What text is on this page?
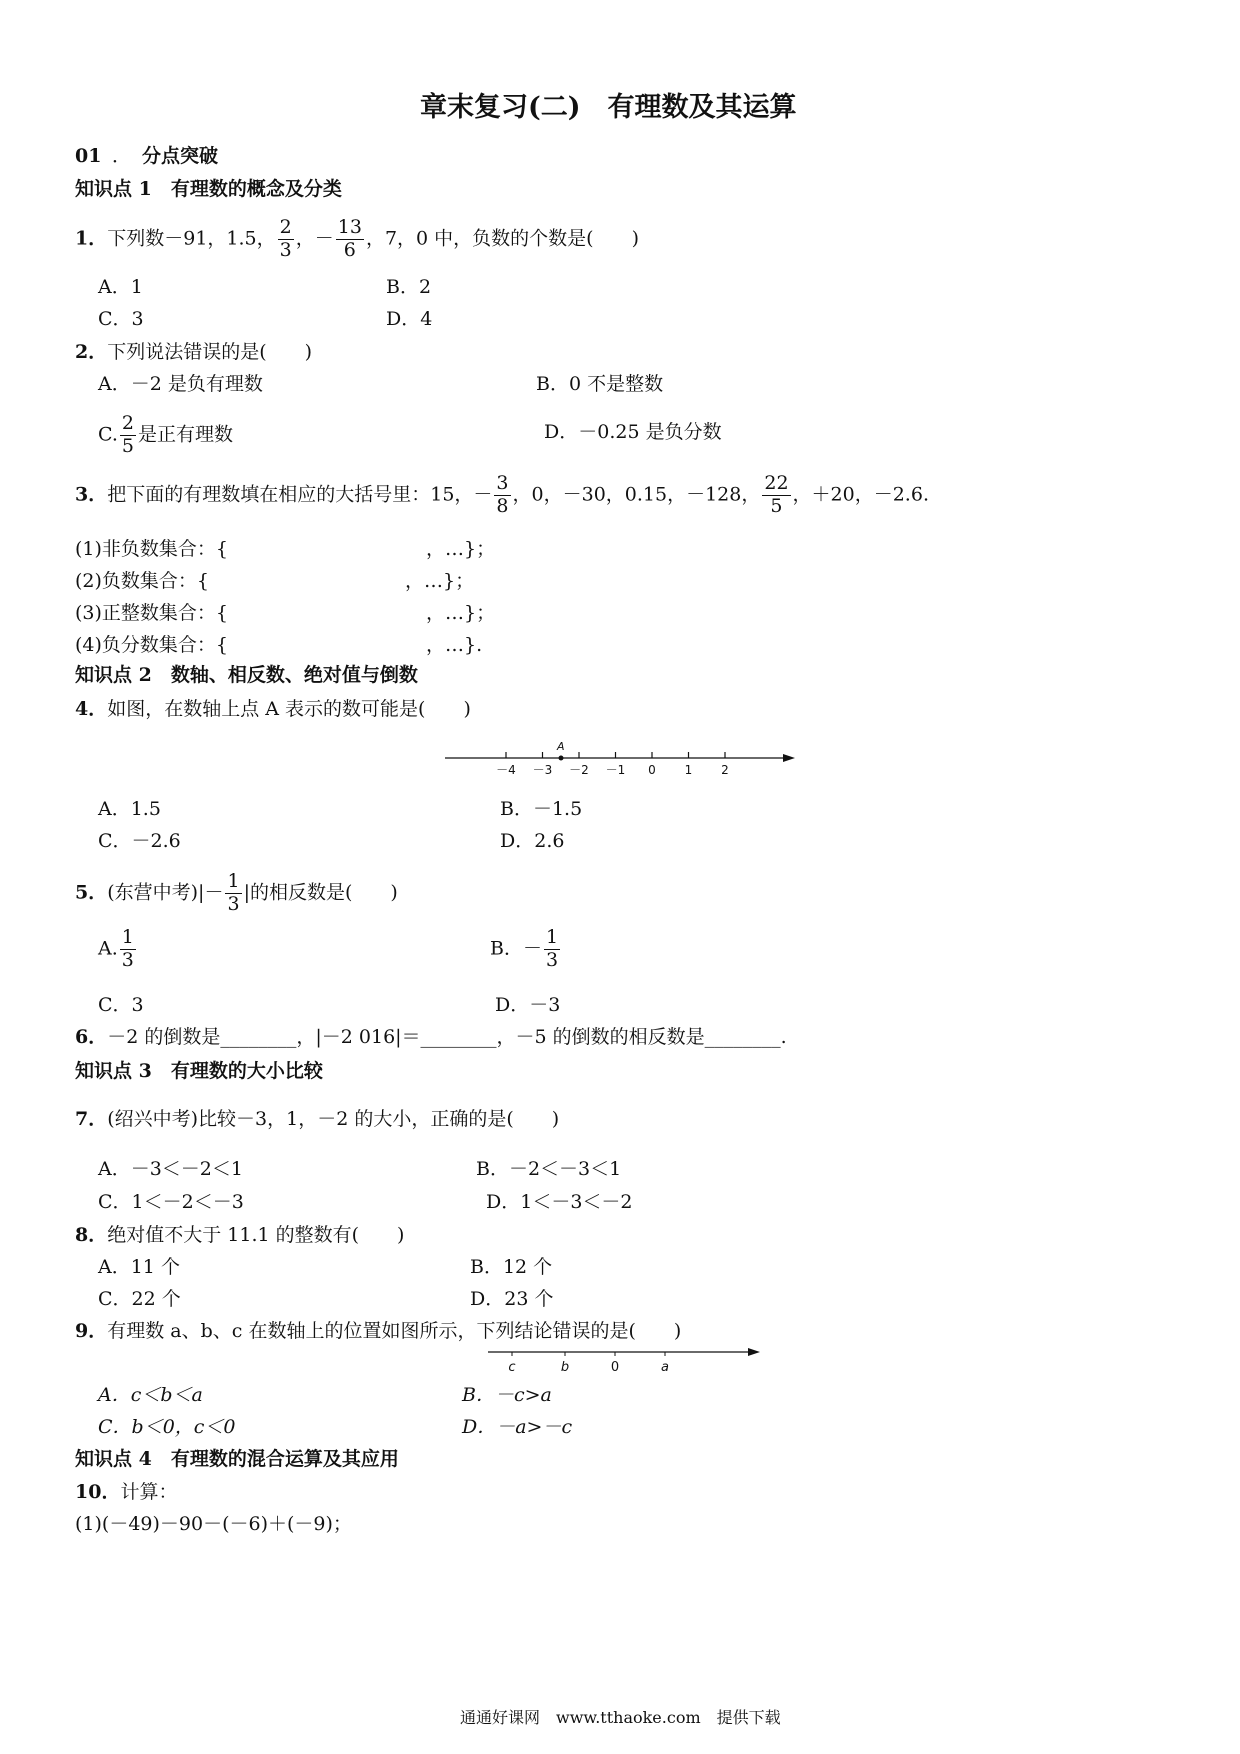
章末复习(二)　有理数及其运算
01 ． 分点突破
知识点 1　有理数的概念及分类
1．下列数－91，1.5， $\frac{2}{3}$ ，－ $\frac{13}{6}$ ，7，0 中，负数的个数是(　　)
A．1	B．2
C．3	D．4
2．下列说法错误的是(　　)
A．－2 是负有理数	B．0 不是整数
C. $\frac{2}{5}$ 是正有理数	D．－0.25 是负分数
3．把下面的有理数填在相应的大括号里：15，－ $\frac{3}{8}$ ，0，－30，0.15，－128， $\frac{22}{5}$ ，＋20，－2.6.
(1)非负数集合：{	，…}；
(2)负数集合：{	，…}；
(3)正整数集合：{	，…}；
(4)负分数集合：{	，…}.
知识点 2　数轴、相反数、绝对值与倒数
4．如图，在数轴上点 A 表示的数可能是(　　)
－4 －3 －2 －1 0 1 2
A
A．1.5	B．－1.5
C．－2.6	D．2.6
5．(东营中考)|－ $\frac{1}{3}$ |的相反数是(　　)
A. $\frac{1}{3}$	B．－ $\frac{1}{3}$
C．3	D．－3
6．－2 的倒数是________，|－2 016|＝________，－5 的倒数的相反数是________.
知识点 3　有理数的大小比较
7．(绍兴中考)比较－3，1，－2 的大小，正确的是(　　)
A．－3＜－2＜1	B．－2＜－3＜1
C．1＜－2＜－3	D．1＜－3＜－2
8．绝对值不大于 11.1 的整数有(　　)
A．11 个	B．12 个
C．22 个	D．23 个
9．有理数 a、b、c 在数轴上的位置如图所示，下列结论错误的是(　　)
c	b	0	a
A．c＜b＜a	B．－c>a
C．b＜0，c＜0	D．－a>－c
知识点 4　有理数的混合运算及其应用
10．计算：
(1)(－49)－90－(－6)＋(－9)；
通通好课网　www.tthaoke.com　提供下载
